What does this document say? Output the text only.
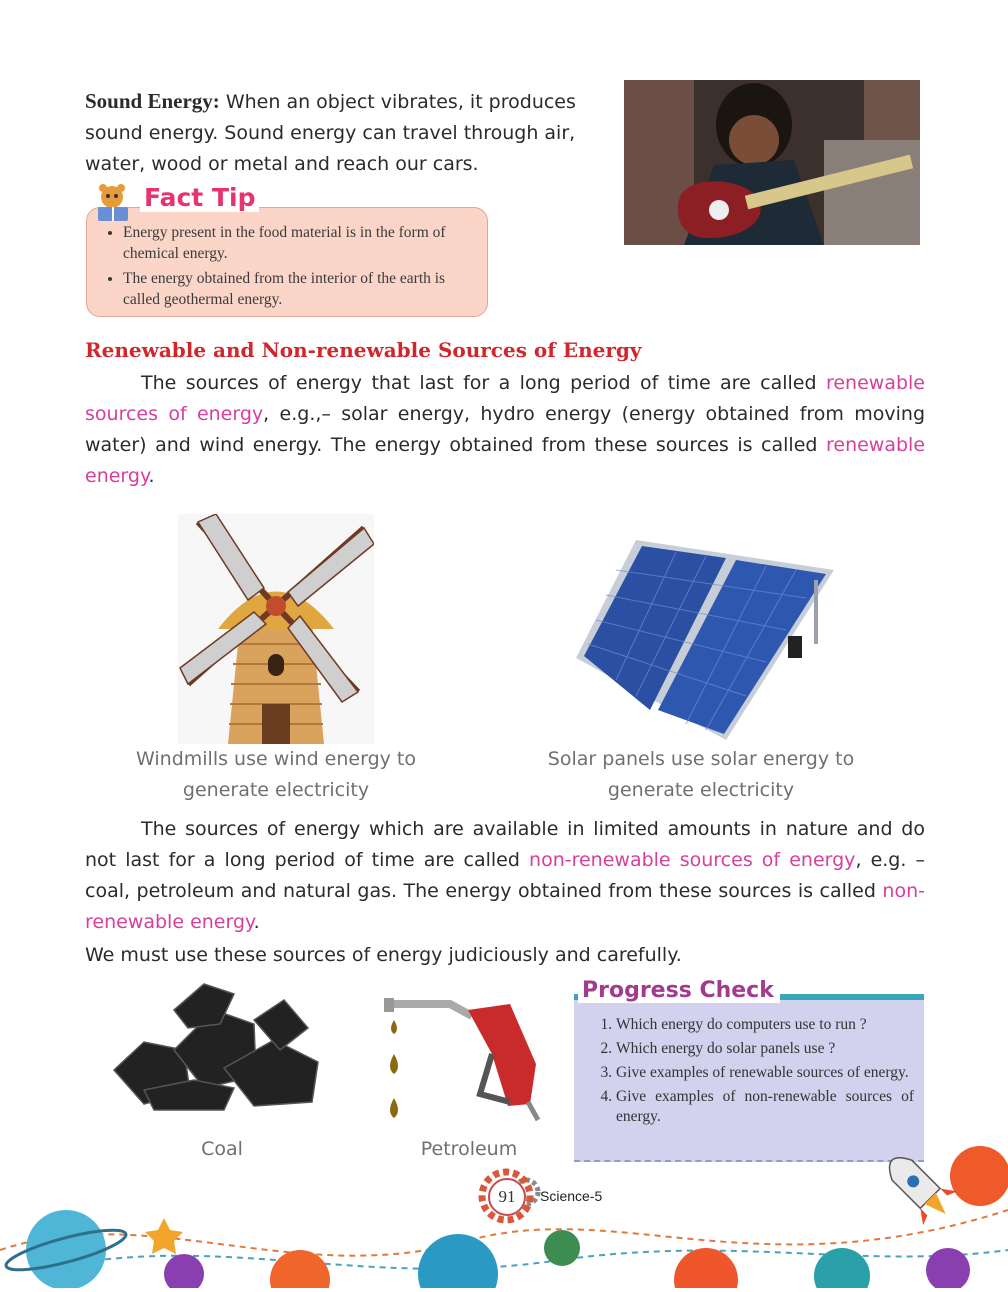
Sound Energy: When an object vibrates, it produces
sound energy. Sound energy can travel through air,
water, wood or metal and reach our cars.
• Energy present in the food material is in the form of chemical energy.
• The energy obtained from the interior of the earth is called geothermal energy.
Fact Tip
Renewable and Non-renewable Sources of Energy
The sources of energy that last for a long period of time are called renewable sources of energy, e.g.,– solar energy, hydro energy (energy obtained from moving water) and wind energy. The energy obtained from these sources is called renewable energy.
Windmills use wind energy to generate electricity
Solar panels use solar energy to generate electricity
The sources of energy which are available in limited amounts in nature and do not last for a long period of time are called non-renewable sources of energy, e.g. – coal, petroleum and natural gas. The energy obtained from these sources is called non-renewable energy.
We must use these sources of energy judiciously and carefully.
Coal	Petroleum
1. Which energy do computers use to run ?
2. Which energy do solar panels use ?
3. Give examples of renewable sources of energy.
4. Give examples of non-renewable sources of energy.
Progress Check
91	Science-5
